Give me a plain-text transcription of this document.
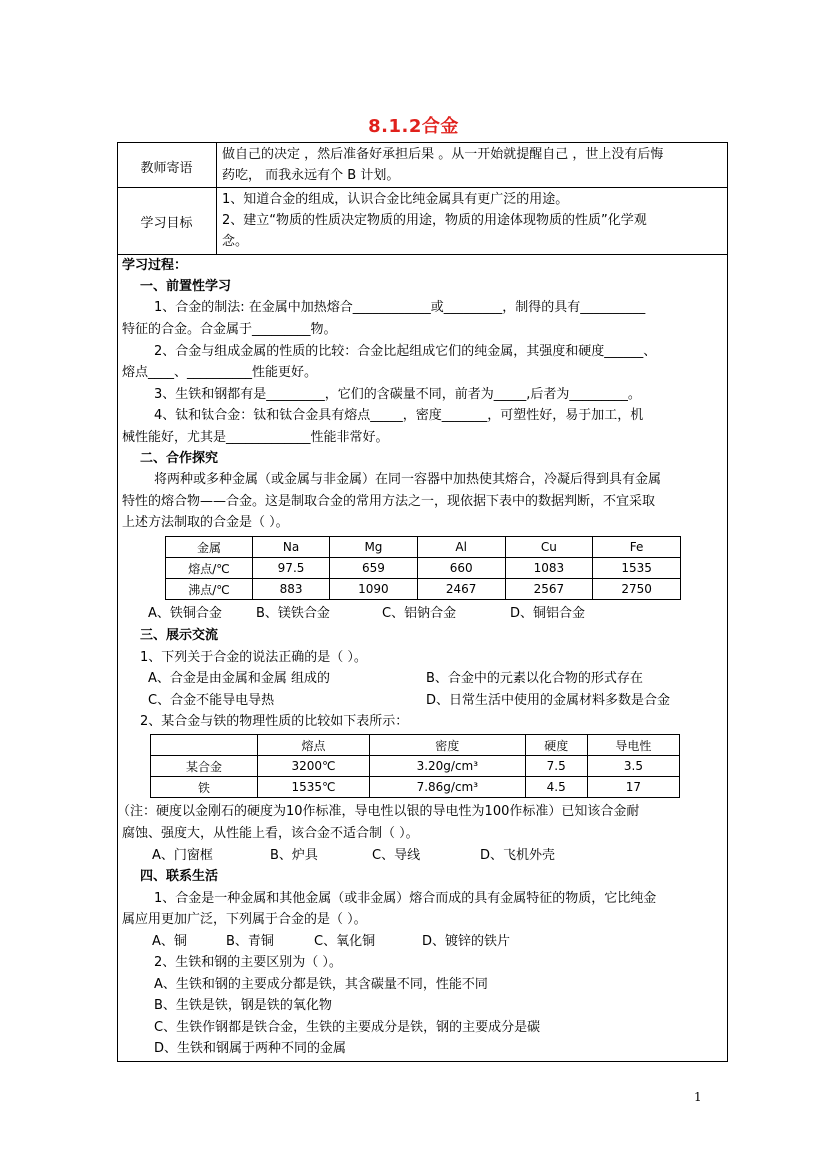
8.1.2合金
教师寄语
做自己的决定 ，然后准备好承担后果 。从一开始就提醒自己 ，世上没有后悔
药吃， 而我永远有个 B 计划。
学习目标
1、知道合金的组成，认识合金比纯金属具有更广泛的用途。
2、建立“物质的性质决定物质的用途，物质的用途体现物质的性质”化学观
念。
学习过程：
一、前置性学习
1、合金的制法: 在金属中加热熔合____________或_________，制得的具有__________
特征的合金。合金属于_________物。
2、合金与组成金属的性质的比较：合金比起组成它们的纯金属，其强度和硬度______、
熔点____、__________性能更好。
3、生铁和钢都有是_________，它们的含碳量不同，前者为_____,后者为_________。
4、钛和钛合金：钛和钛合金具有熔点_____，密度_______，可塑性好，易于加工，机
械性能好，尤其是_____________性能非常好。
二、合作探究
将两种或多种金属（或金属与非金属）在同一容器中加热使其熔合，冷凝后得到具有金属
特性的熔合物——合金。这是制取合金的常用方法之一，现依据下表中的数据判断，不宜采取
上述方法制取的合金是（ ）。
金属	Na	Mg	Al	Cu	Fe
熔点/℃	97.5	659	660	1083	1535
沸点/℃	883	1090	2467	2567	2750
A、铁铜合金	B、镁铁合金	C、铝钠合金	D、铜铝合金
三、展示交流
1、下列关于合金的说法正确的是（ ）。
A、合金是由金属和金属 组成的	B、合金中的元素以化合物的形式存在
C、合金不能导电导热	D、日常生活中使用的金属材料多数是合金
2、某合金与铁的物理性质的比较如下表所示：
	熔点	密度	硬度	导电性
某合金	3200℃	3.20g/cm³	7.5	3.5
铁	1535℃	7.86g/cm³	4.5	17
（注：硬度以金刚石的硬度为10作标准，导电性以银的导电性为100作标准）已知该合金耐
腐蚀、强度大，从性能上看，该合金不适合制（ ）。
A、门窗框	B、炉具	C、导线	D、飞机外壳
四、联系生活
1、合金是一种金属和其他金属（或非金属）熔合而成的具有金属特征的物质，它比纯金
属应用更加广泛，下列属于合金的是（ ）。
A、铜	B、青铜	C、氧化铜	D、镀锌的铁片
2、生铁和钢的主要区别为（ ）。
A、生铁和钢的主要成分都是铁，其含碳量不同，性能不同
B、生铁是铁，钢是铁的氧化物
C、生铁作钢都是铁合金，生铁的主要成分是铁，钢的主要成分是碳
D、生铁和钢属于两种不同的金属
1
